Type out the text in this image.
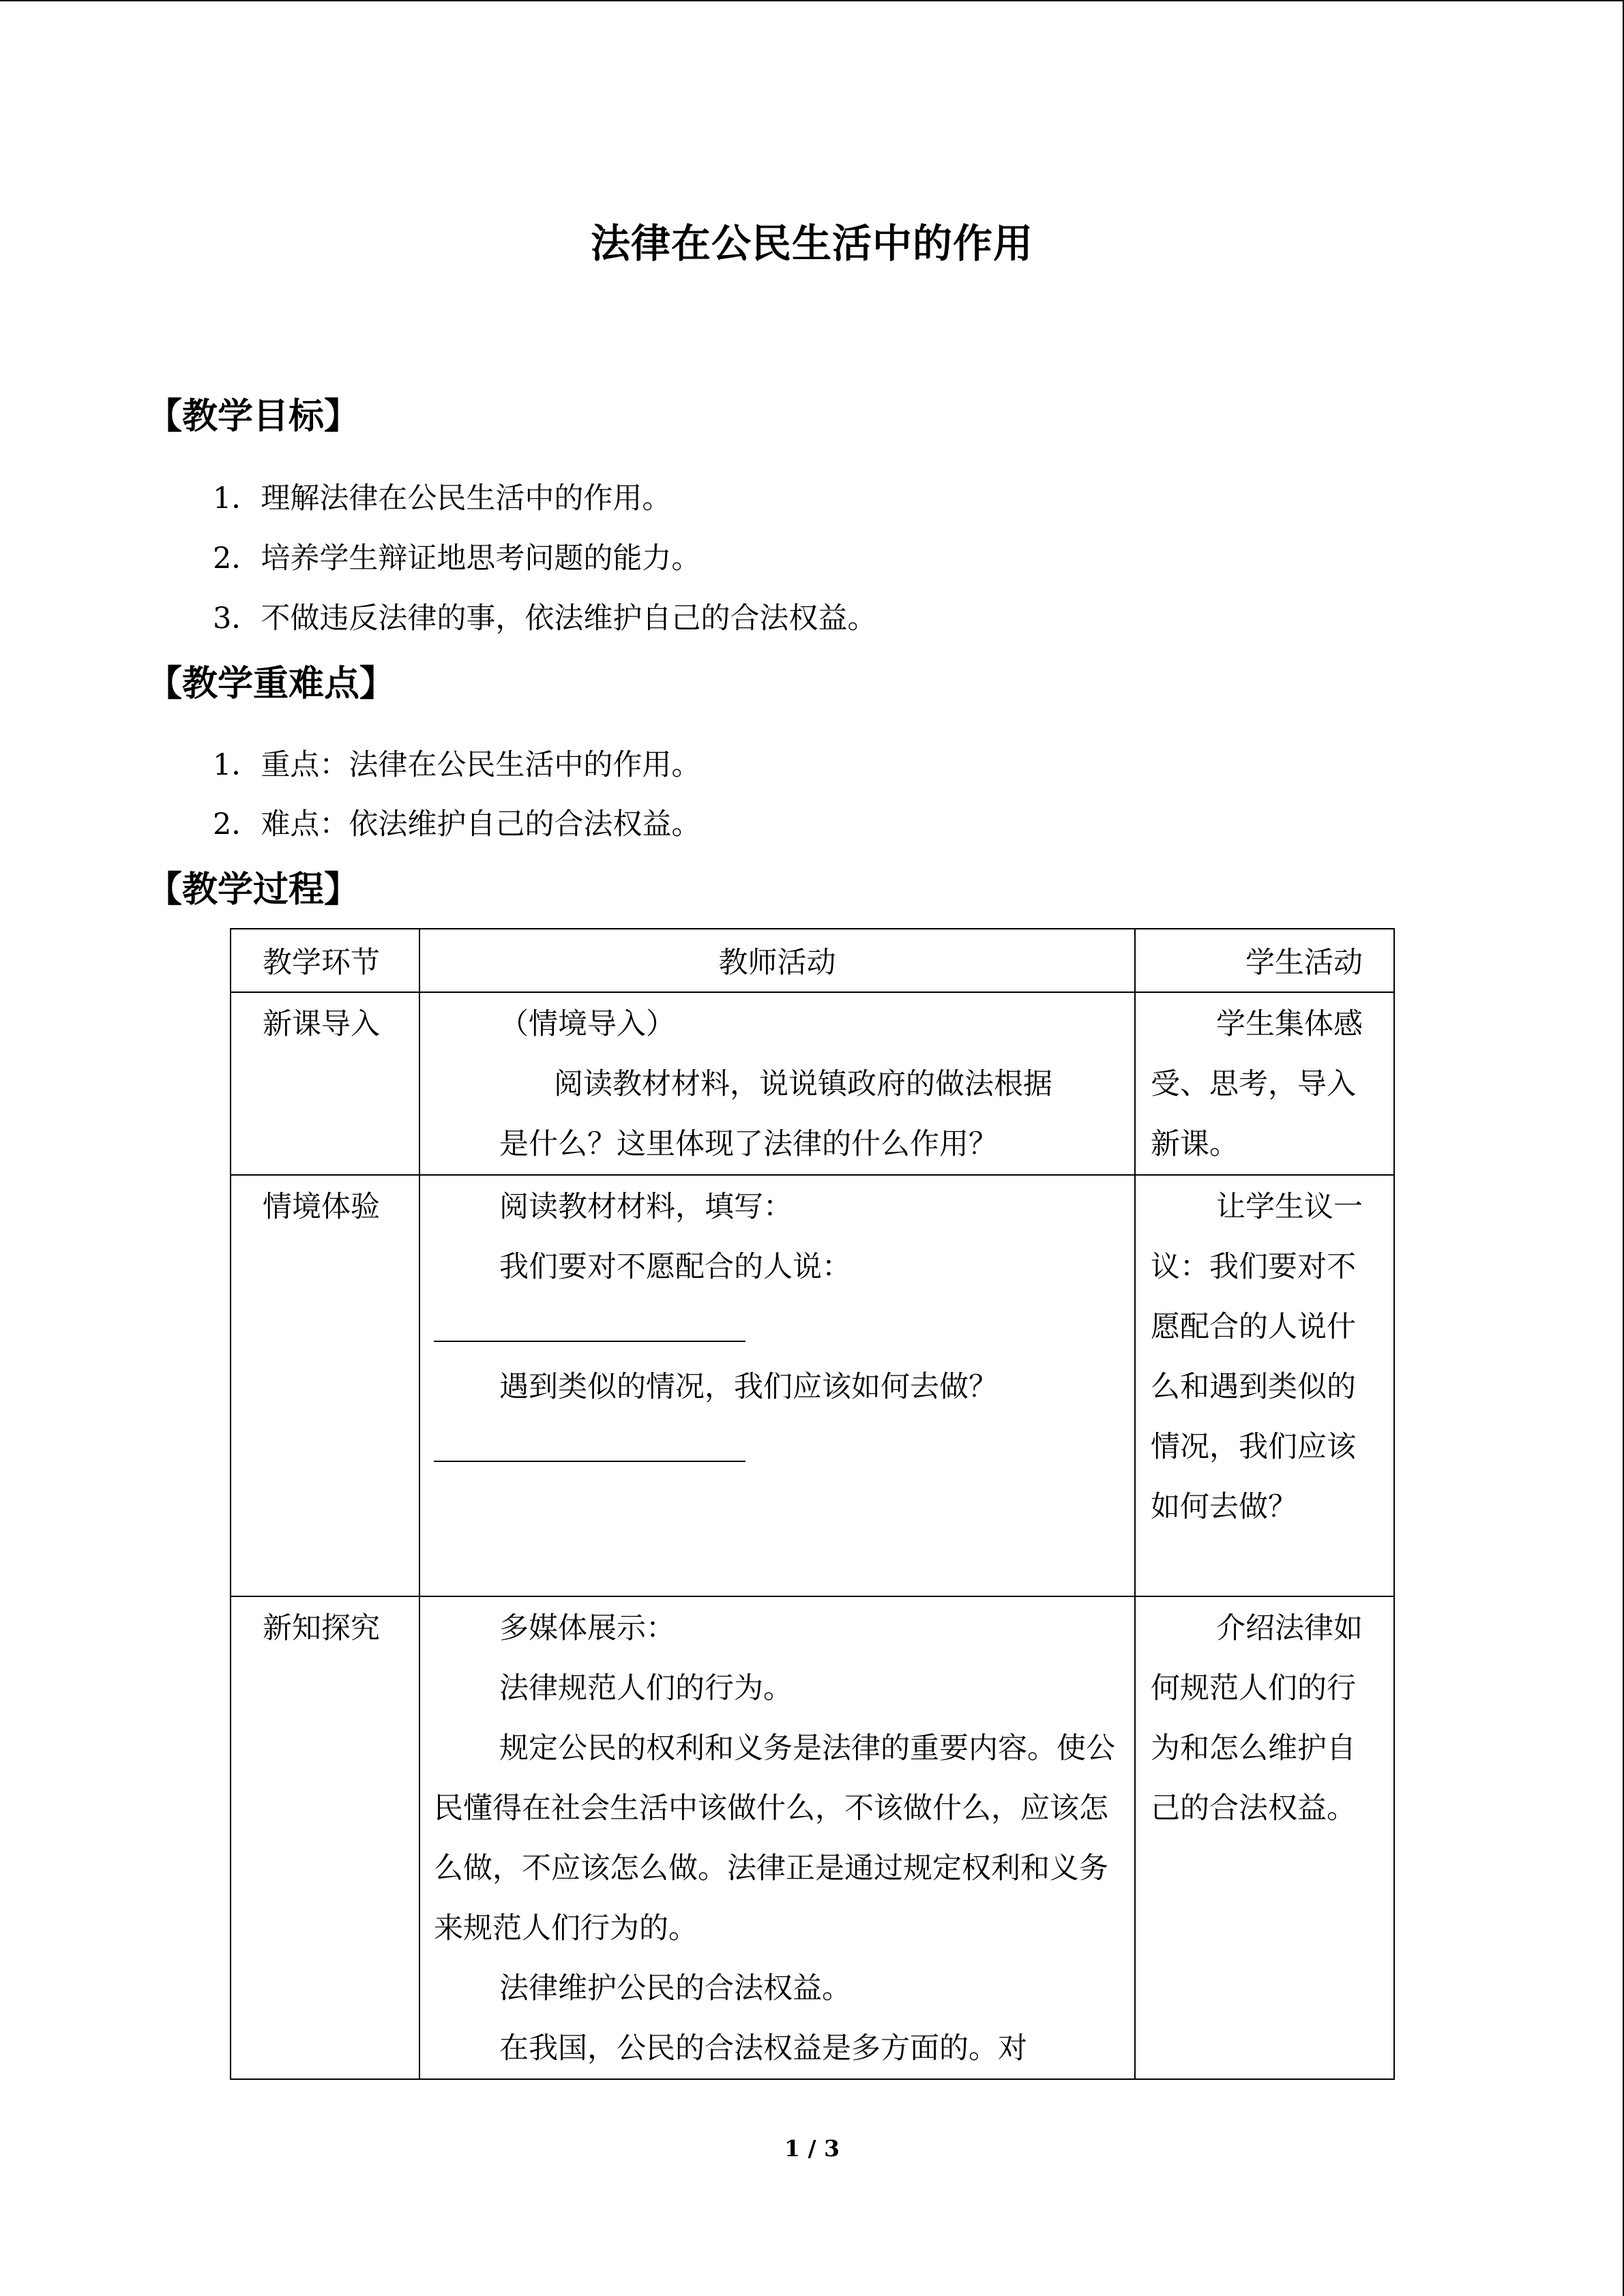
法律在公民生活中的作用
【教学目标】
1．理解法律在公民生活中的作用。
2．培养学生辩证地思考问题的能力。
3．不做违反法律的事，依法维护自己的合法权益。
【教学重难点】
1．重点：法律在公民生活中的作用。
2．难点：依法维护自己的合法权益。
【教学过程】
教学环节	教师活动	学生活动
新课导入	（情境导入）
阅读教材材料，说说镇政府的做法根据
是什么？这里体现了法律的什么作用？	学生集体感受、思考，导入新课。

情境体验	阅读教材材料，填写：
我们要对不愿配合的人说：
遇到类似的情况，我们应该如何去做？	让学生议一议：我们要对不愿配合的人说什么和遇到类似的情况，我们应该如何去做？

新知探究	多媒体展示：
法律规范人们的行为。
规定公民的权利和义务是法律的重要内容。使公民懂得在社会生活中该做什么，不该做什么，应该怎么做，不应该怎么做。法律正是通过规定权利和义务来规范人们行为的。
法律维护公民的合法权益。
在我国，公民的合法权益是多方面的。对	介绍法律如何规范人们的行为和怎么维护自己的合法权益。
1 / 3
